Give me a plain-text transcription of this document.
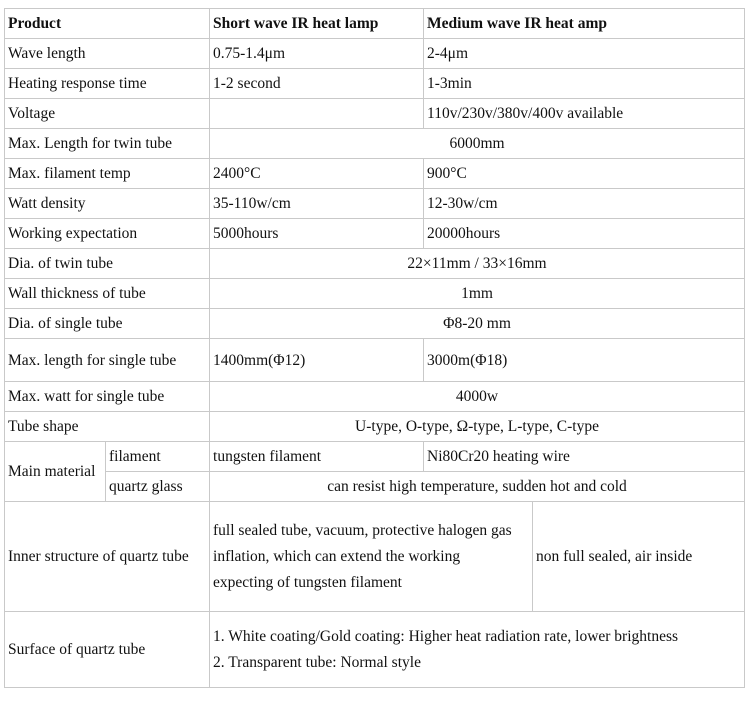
Product		Short wave IR heat lamp	Medium wave IR heat amp	
Wave length		0.75-1.4μm	2-4μm	
Heating response time		1-2 second	1-3min	
Voltage			110v/230v/380v/400v available	
Max. Length for twin tube		6000mm		
Max. filament temp		2400°C	900°C	
Watt density		35-110w/cm	12-30w/cm	
Working expectation		5000hours	20000hours	
Dia. of twin tube		22×11mm / 33×16mm		
Wall thickness of tube		1mm		
Dia. of single tube		Φ8-20 mm		
Max. length for single tube		1400mm(Φ12)	3000m(Φ18)	
Max. watt for single tube		4000w		
Tube shape		U-type, O-type, Ω-type, L-type, C-type		
Main material	filament	tungsten filament	Ni80Cr20 heating wire	
	quartz glass	can resist high temperature, sudden hot and cold		
Inner structure of quartz tube		full sealed tube, vacuum, protective halogen gas inflation, which can extend the working expecting of tungsten filament		non full sealed, air inside
Surface of quartz tube		1. White coating/Gold coating: Higher heat radiation rate, lower brightness
2. Transparent tube: Normal style		
